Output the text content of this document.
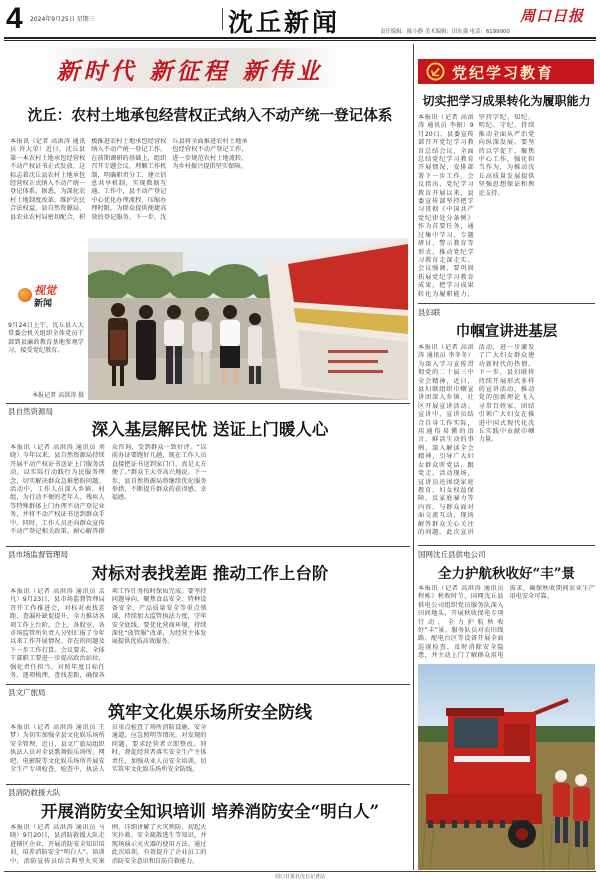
4 2024年9月25日 星期三	沈丘新闻	责任编辑：陈小静 美术编辑：田东强 电话：6199900
周口日报
新时代 新征程 新伟业
沈丘：农村土地承包经营权正式纳入不动产统一登记体系
本报讯（记者 高洪涛 通讯员 许大荣）近日，沈丘县第一本农村土地承包经营权不动产权证书正式发放，这标志着沈丘县农村土地承包经营权正式纳入不动产统一登记体系。据悉，为深化农村土地制度改革，维护农民合法权益，县自然资源局、县农业农村局密切配合，积极推进农村土地承包经营权纳入不动产统一登记工作。在前期调研的基础上，组织召开专题会议，理顺工作机制，明确职责分工，建立信息共享机制，实现数据互通。工作中，县不动产登记中心优化办理流程，压缩办理时限，为群众提供便捷高效的登记服务。下一步，沈丘县将全面推进农村土地承包经营权不动产登记工作，进一步规范农村土地流转，为乡村振兴提供坚实保障。
视觉
新闻
9月24日上午，沈丘县人大常委会机关组织全体党员干部到县廉政教育基地参观学习，接受党纪教育。
本报记者 高洪涛 摄
党纪学习教育
切实把学习成果转化为履职能力
本报讯（记者 高洪涛 通讯员 李振）9月20日，县委宣传部召开党纪学习教育总结会议，全面总结党纪学习教育开展情况，安排部署下一步工作。会议指出，党纪学习教育开展以来，县委宣传部坚持把学习贯彻《中国共产党纪律处分条例》作为首要任务，通过集中学习、专题研讨、警示教育等形式，推动党纪学习教育走深走实。会议强调，要巩固拓展党纪学习教育成果，把学习成果转化为履职能力，坚持学纪、知纪、明纪、守纪，持续推动全面从严治党向纵深发展。要坚持以学促干，聚焦中心工作，强化担当作为，为推动沈丘高质量发展提供坚强思想保证和舆论支持。
县妇联
巾帼宣讲进基层
本报讯（记者 高洪涛 通讯员 李冬冬）为深入学习宣传贯彻党的二十届三中全会精神，近日，县妇联组织巾帼宣讲团深入乡镇、社区开展宣讲活动。宣讲中，宣讲员结合自身工作实际，用通俗易懂的语言、鲜活生动的事例，深入解读全会精神，引导广大妇女群众听党话、跟党走。活动现场，宣讲员还围绕家庭教育、妇女权益保障、反家庭暴力等内容，与群众面对面交流互动，现场解答群众关心关注的问题。此次宣讲活动，进一步激发了广大妇女群众建功新时代的热情。下一步，县妇联将持续开展形式多样的宣讲活动，推动党的创新理论飞入寻常百姓家，团结引领广大妇女在推进中国式现代化沈丘实践中贡献巾帼力量。
国网沈丘县供电公司
全力护航秋收好“丰”景
本报讯（记者 高洪涛 通讯员 程栋）秋收时节，国网沈丘县供电公司组织党员服务队深入田间地头，开展秋收保电专项行动，全力护航秋收好“丰”景。服务队员对农田线路、配电台区等设备开展全面巡视检查，及时消除安全隐患，并主动上门了解群众用电需求，确保秋收期间农业生产用电安全可靠。
县自然资源局
深入基层解民忧 送证上门暖人心
本报讯（记者 高洪涛 通讯员 刘晓）今年以来，县自然资源局持续开展不动产权证书送证上门服务活动，以实际行动践行为民服务理念，切实解决群众急难愁盼问题。活动中，工作人员深入乡镇、村组，为行动不便的老年人、残疾人等特殊群体上门办理不动产登记业务，并将不动产权证书送到群众手中。同时，工作人员还向群众宣传不动产登记相关政策，耐心解答群众咨询，受到群众一致好评。“以前办证要跑好几趟，现在工作人员直接把证书送到家门口，真是太方便了。”群众王大爷高兴地说。下一步，县自然资源局将继续优化服务举措，不断提升群众的获得感、幸福感。
县市场监督管理局
对标对表找差距 推动工作上台阶
本报讯（记者 高洪涛 通讯员 孟凡）9月23日，县市场监督管理局召开工作推进会，对标对表找差距，查漏补缺促提升，全力推动各项工作上台阶。会上，各股室、各市场监管所负责人分别汇报了今年以来工作开展情况、存在的问题及下一步工作打算。会议要求，全体干部职工要进一步提高政治站位，强化责任担当，对照年度目标任务，逐项梳理，查找差距，确保各项工作任务按时保质完成。要坚持问题导向，聚焦食品安全、特种设备安全、产品质量安全等重点领域，持续加大监管执法力度，守牢安全底线。要优化营商环境，持续深化“放管服”改革，为经营主体发展提供优质高效服务。
县文广旅局
筑牢文化娱乐场所安全防线
本报讯（记者 高洪涛 通讯员 王梦）为切实加强全县文化娱乐场所安全管理，近日，县文广旅局组织执法人员对全县歌舞娱乐场所、网吧、电影院等文化娱乐场所开展安全生产专项检查。检查中，执法人员重点检查了场所消防设施、安全通道、应急照明等情况，对发现的问题，要求经营者立即整改。同时，督促经营者落实安全生产主体责任，加强从业人员安全培训，切实筑牢文化娱乐场所安全防线。
县消防救援大队
开展消防安全知识培训 培养消防安全“明白人”
本报讯（记者 高洪涛 通讯员 马晓）9月20日，县消防救援大队走进辖区企业，开展消防安全知识培训，培养消防安全“明白人”。培训中，消防宣传员结合典型火灾案例，详细讲解了火灾预防、初起火灾扑救、安全疏散逃生等知识，并现场演示灭火器的使用方法。通过此次培训，有效提升了企业员工的消防安全意识和自防自救能力。
周口日报社沈丘记者站
